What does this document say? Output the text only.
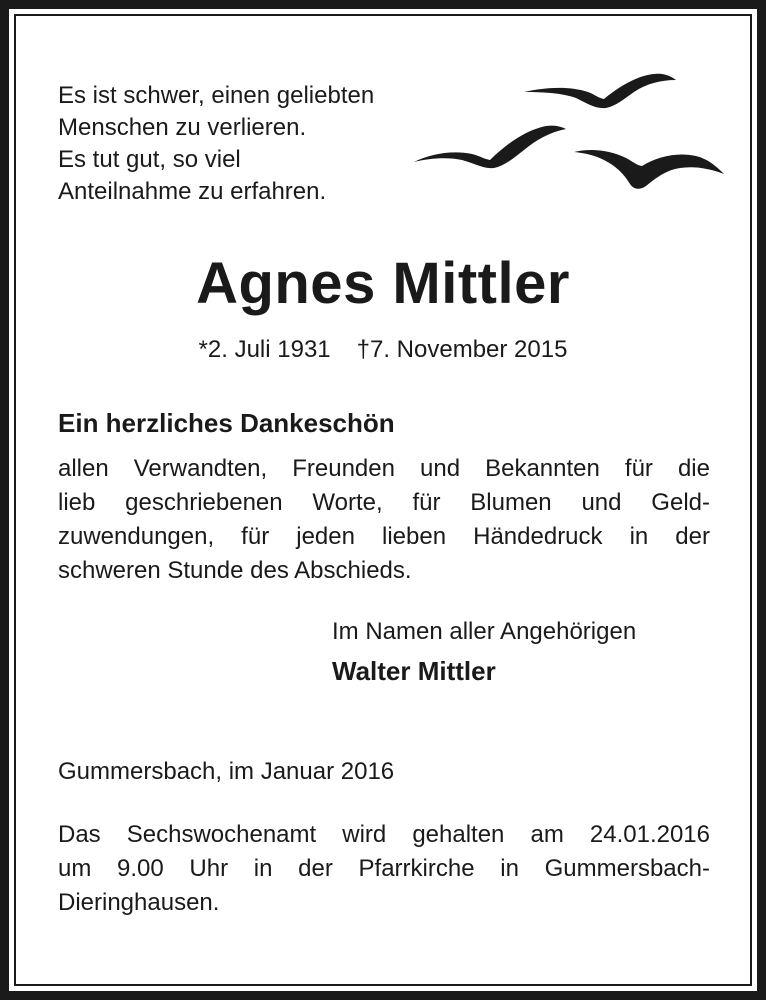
Es ist schwer, einen geliebten
Menschen zu verlieren.
Es tut gut, so viel
Anteilnahme zu erfahren.
Agnes Mittler
*2. Juli 1931 †7. November 2015
Ein herzliches Dankeschön
allen Verwandten, Freunden und Bekannten für die
lieb geschriebenen Worte, für Blumen und Geld-
zuwendungen, für jeden lieben Händedruck in der
schweren Stunde des Abschieds.
Im Namen aller Angehörigen
Walter Mittler
Gummersbach, im Januar 2016
Das Sechswochenamt wird gehalten am 24.01.2016
um 9.00 Uhr in der Pfarrkirche in Gummersbach-
Dieringhausen.
